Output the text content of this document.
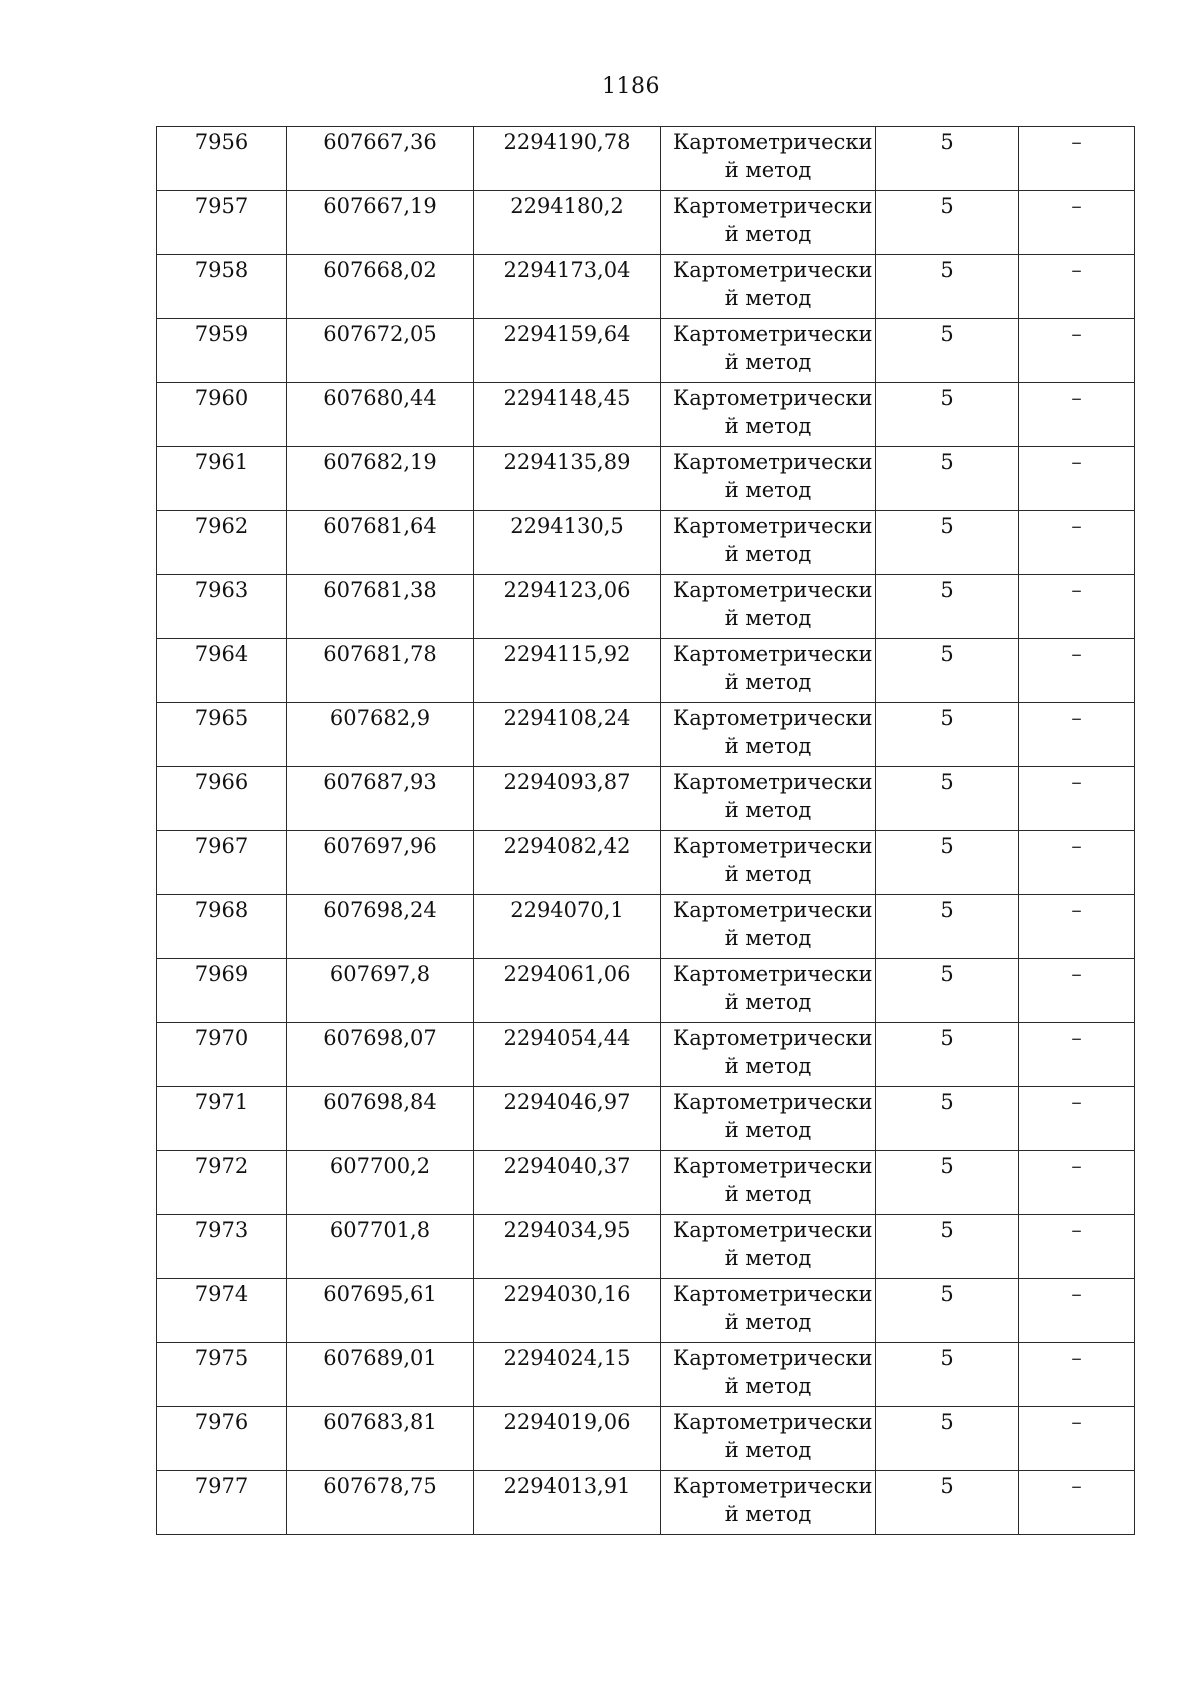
1186
7956	607667,36	2294190,78	Картометрически й метод	5	–

7957	607667,19	2294180,2	Картометрически й метод	5	–

7958	607668,02	2294173,04	Картометрически й метод	5	–

7959	607672,05	2294159,64	Картометрически й метод	5	–

7960	607680,44	2294148,45	Картометрически й метод	5	–

7961	607682,19	2294135,89	Картометрически й метод	5	–

7962	607681,64	2294130,5	Картометрически й метод	5	–

7963	607681,38	2294123,06	Картометрически й метод	5	–

7964	607681,78	2294115,92	Картометрически й метод	5	–

7965	607682,9	2294108,24	Картометрически й метод	5	–

7966	607687,93	2294093,87	Картометрически й метод	5	–

7967	607697,96	2294082,42	Картометрически й метод	5	–

7968	607698,24	2294070,1	Картометрически й метод	5	–

7969	607697,8	2294061,06	Картометрически й метод	5	–

7970	607698,07	2294054,44	Картометрически й метод	5	–

7971	607698,84	2294046,97	Картометрически й метод	5	–

7972	607700,2	2294040,37	Картометрически й метод	5	–

7973	607701,8	2294034,95	Картометрически й метод	5	–

7974	607695,61	2294030,16	Картометрически й метод	5	–

7975	607689,01	2294024,15	Картометрически й метод	5	–

7976	607683,81	2294019,06	Картометрически й метод	5	–

7977	607678,75	2294013,91	Картометрически й метод	5	–
